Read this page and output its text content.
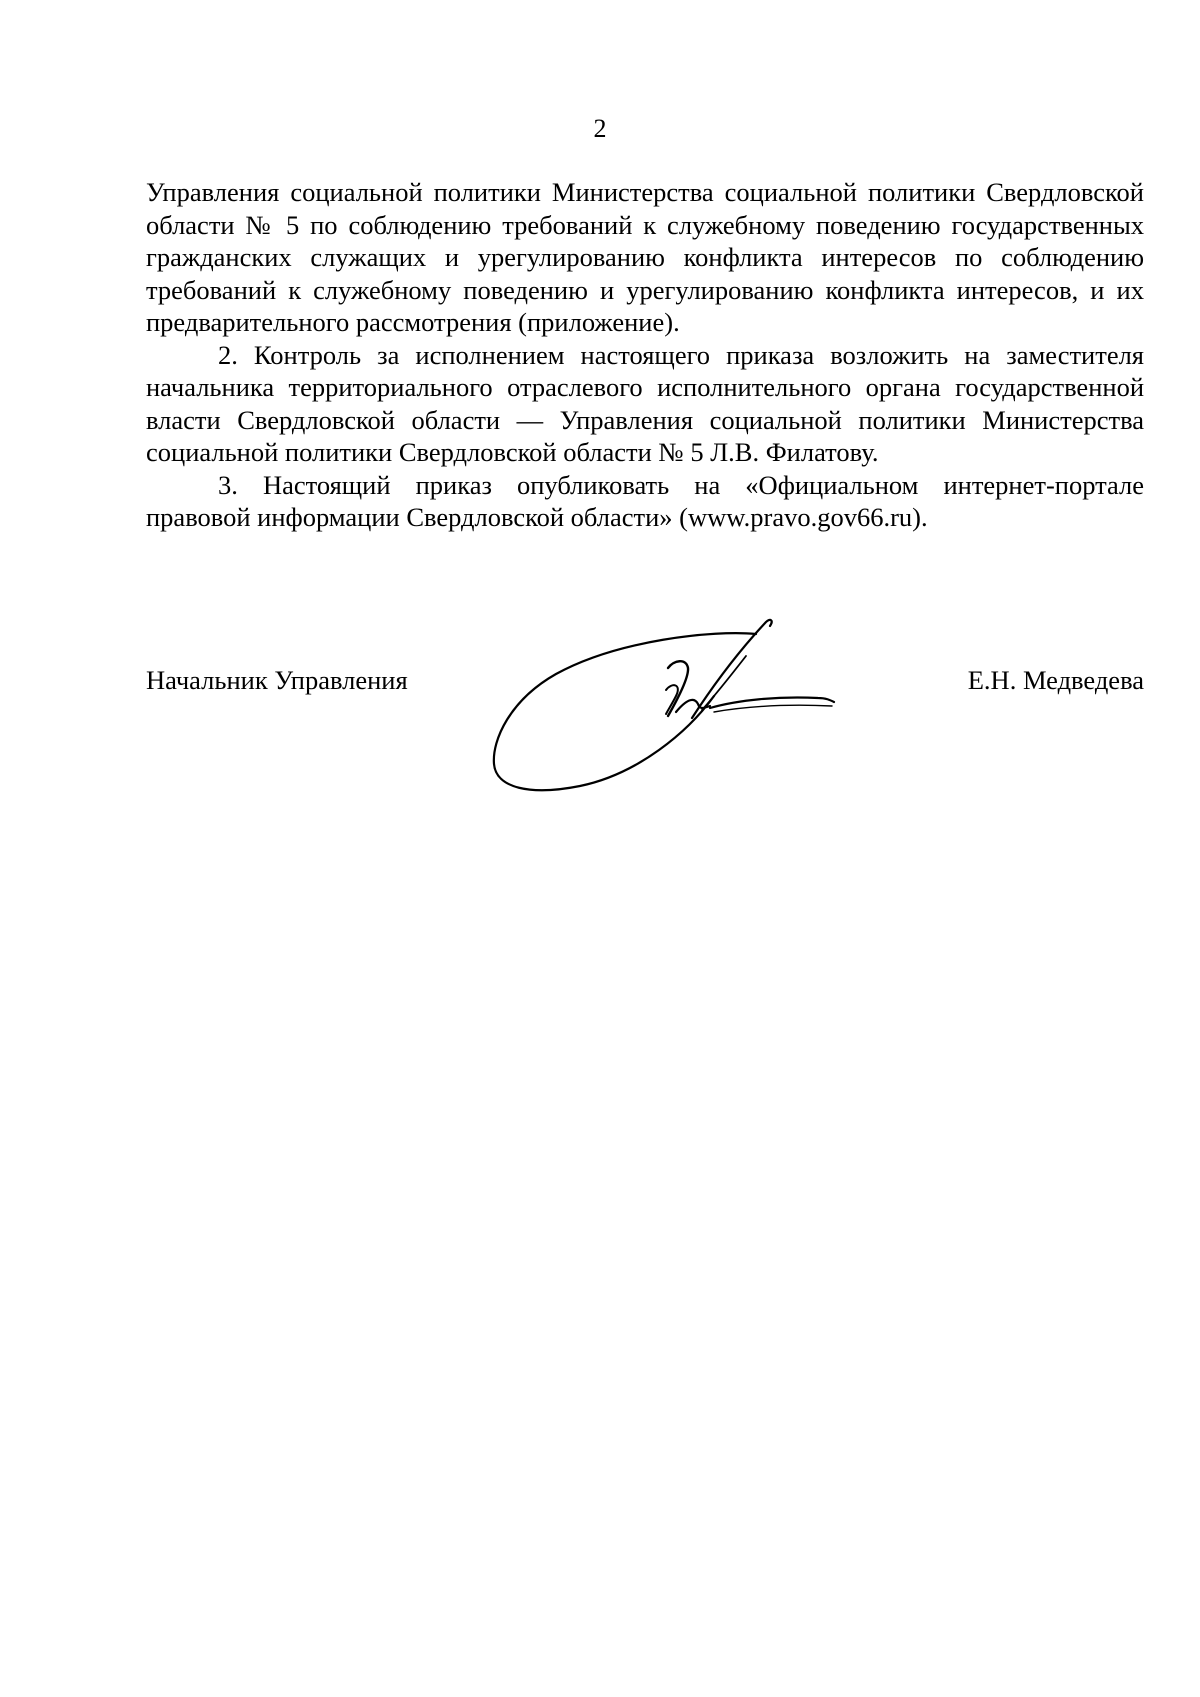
2

Управления социальной политики Министерства социальной политики Свердловской области № 5 по соблюдению требований к служебному поведению государственных гражданских служащих и урегулированию конфликта интересов по соблюдению требований к служебному поведению и урегулированию конфликта интересов, и их предварительного рассмотрения (приложение).

2. Контроль за исполнением настоящего приказа возложить на заместителя начальника территориального отраслевого исполнительного органа государственной власти Свердловской области — Управления социальной политики Министерства социальной политики Свердловской области № 5 Л.В. Филатову.

3. Настоящий приказ опубликовать на «Официальном интернет-портале правовой информации Свердловской области» (www.pravo.gov66.ru).

Начальник Управления	Е.Н. Медведева
